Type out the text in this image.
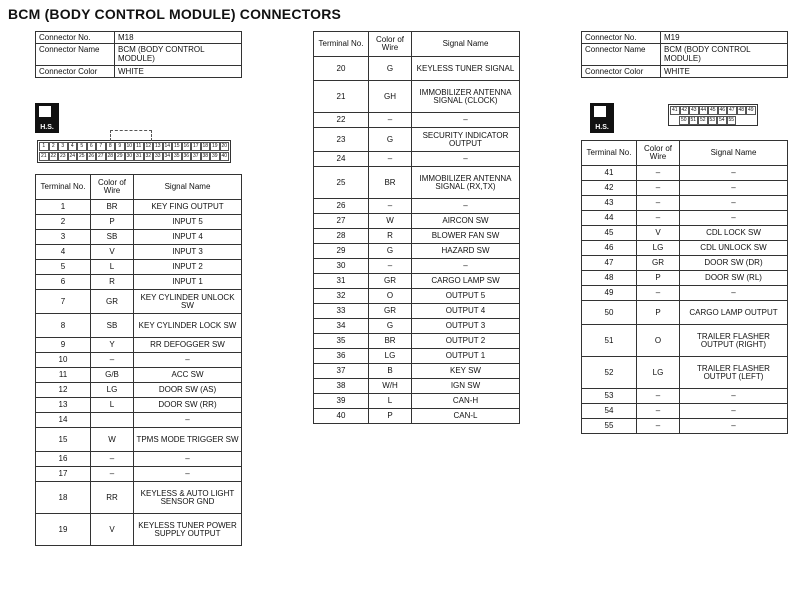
BCM (BODY CONTROL MODULE) CONNECTORS
Connector No.	M18
Connector Name	BCM (BODY CONTROL MODULE)
Connector Color	WHITE
Connector No.	M19
Connector Name	BCM (BODY CONTROL MODULE)
Connector Color	WHITE
H.S.	H.S.
1	2	3	4	5	6	7	8	9	10 11 12 13 14 15 16 17 18 19 20
21 22 23 24 25 26 27 28 29 30 31 32 33 34 35 36 37 38 39 40
41 42 43 44 45 46 47 48 49
50 51 52 53 54 55
Terminal No.	Color of Wire	Signal Name
1	BR	KEY FING OUTPUT
2	P	INPUT 5
3	SB	INPUT 4
4	V	INPUT 3
5	L	INPUT 2
6	R	INPUT 1
7	GR	KEY CYLINDER UNLOCK SW
8	SB	KEY CYLINDER LOCK SW
9	Y	RR DEFOGGER SW
10	–	–
11	G/B	ACC SW
12	LG	DOOR SW (AS)
13	L	DOOR SW (RR)
14		–
15	W	TPMS MODE TRIGGER SW
16	–	–
17	–	–
18	RR	KEYLESS & AUTO LIGHT SENSOR GND
19	V	KEYLESS TUNER POWER SUPPLY OUTPUT
Terminal No.	Color of Wire	Signal Name
20	G	KEYLESS TUNER SIGNAL
21	GH	IMMOBILIZER ANTENNA SIGNAL (CLOCK)
22	–	–
23	G	SECURITY INDICATOR OUTPUT
24	–	–
25	BR	IMMOBILIZER ANTENNA SIGNAL (RX,TX)
26	–	–
27	W	AIRCON SW
28	R	BLOWER FAN SW
29	G	HAZARD SW
30	–	–
31	GR	CARGO LAMP SW
32	O	OUTPUT 5
33	GR	OUTPUT 4
34	G	OUTPUT 3
35	BR	OUTPUT 2
36	LG	OUTPUT 1
37	B	KEY SW
38	W/H	IGN SW
39	L	CAN-H
40	P	CAN-L
Terminal No.	Color of Wire	Signal Name
41	–	–
42	–	–
43	–	–
44	–	–
45	V	CDL LOCK SW
46	LG	CDL UNLOCK SW
47	GR	DOOR SW (DR)
48	P	DOOR SW (RL)
49	–	–
50	P	CARGO LAMP OUTPUT
51	O	TRAILER FLASHER OUTPUT (RIGHT)
52	LG	TRAILER FLASHER OUTPUT (LEFT)
53	–	–
54	–	–
55	–	–
